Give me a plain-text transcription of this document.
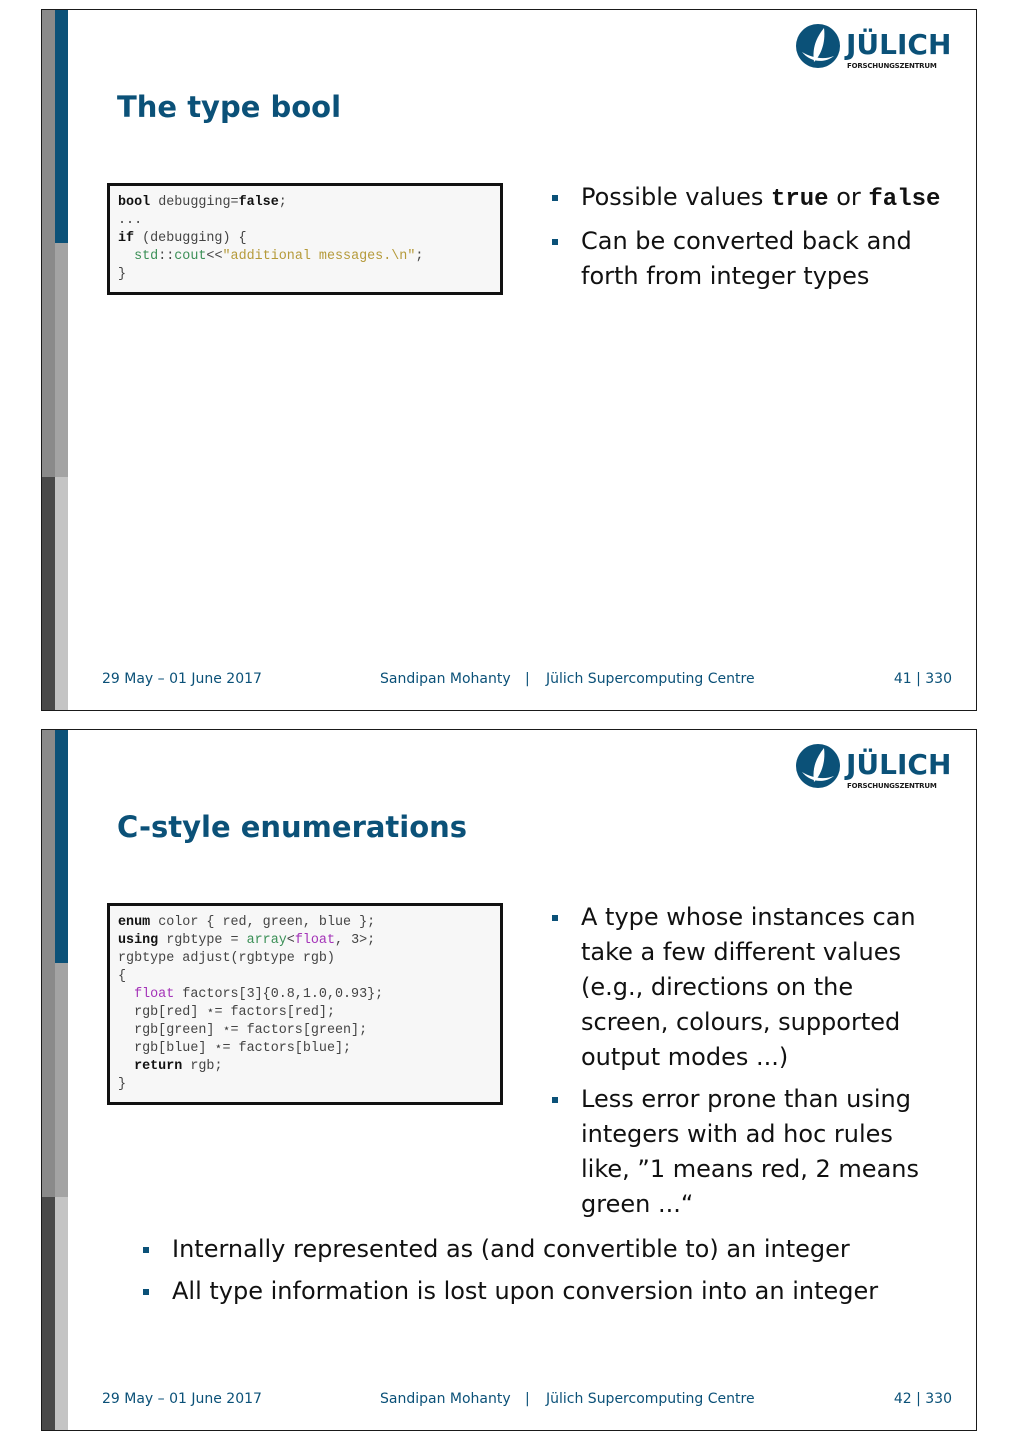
JÜLICH
FORSCHUNGSZENTRUM
The type bool
bool debugging=false;
...
if (debugging) {
std::cout<<"additional messages.\n";
}
Possible values true or false
Can be converted back and forth from integer types
29 May – 01 June 2017	Sandipan Mohanty | Jülich Supercomputing Centre	41 | 330
JÜLICH
FORSCHUNGSZENTRUM
C-style enumerations
enum color { red, green, blue };
using rgbtype = array<float, 3>;
rgbtype adjust(rgbtype rgb)
{
float factors[3]{0.8,1.0,0.93};
rgb[red] ⋆= factors[red];
rgb[green] ⋆= factors[green];
rgb[blue] ⋆= factors[blue];
return rgb;
}
A type whose instances can take a few different values (e.g., directions on the screen, colours, supported output modes ...)
Less error prone than using integers with ad hoc rules like, ”1 means red, 2 means green ...“
Internally represented as (and convertible to) an integer
All type information is lost upon conversion into an integer
29 May – 01 June 2017	Sandipan Mohanty | Jülich Supercomputing Centre	42 | 330
